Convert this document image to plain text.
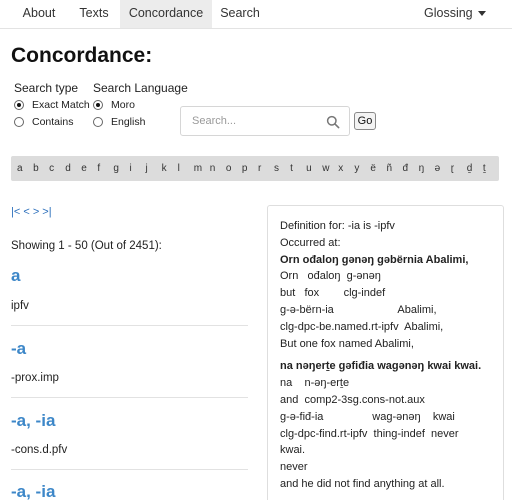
About	Texts	Concordance	Search	Glossing
Concordance:
Search type Search Language
Exact Match
Contains
Moro
English	Search...	Go
a	b	c	d	e	f	g	i	j	k	l	m n	o	p	r	s	t	u	w x	y	ë	ñ	đ	ŋ	ə	ɽ	ḏ	ṯ
|< < > >|
Showing 1 - 50 (Out of 2451):
a
ipfv
-a
-prox.imp
-a, -ia
-cons.d.pfv
-a, -ia
Definition for: -ia is -ipfv
Occurred at:
Orn ođaloŋ gənəŋ gəbërnia Abalimi,
Orn   ođaloŋ  g-ənəŋ
but   fox        clg-indef
g-ə-bërn-ia                     Abalimi,
clg-dpc-be.named.rt-ipfv  Abalimi,
But one fox named Abalimi,
na nəŋerṯe gəfiđia wagənəŋ kwai kwai.
na    n-əŋ-erṯe
and  comp2-3sg.cons-not.aux
g-ə-fiđ-ia                wag-ənəŋ    kwai
clg-dpc-find.rt-ipfv  thing-indef  never
kwai.
never
and he did not find anything at all.
